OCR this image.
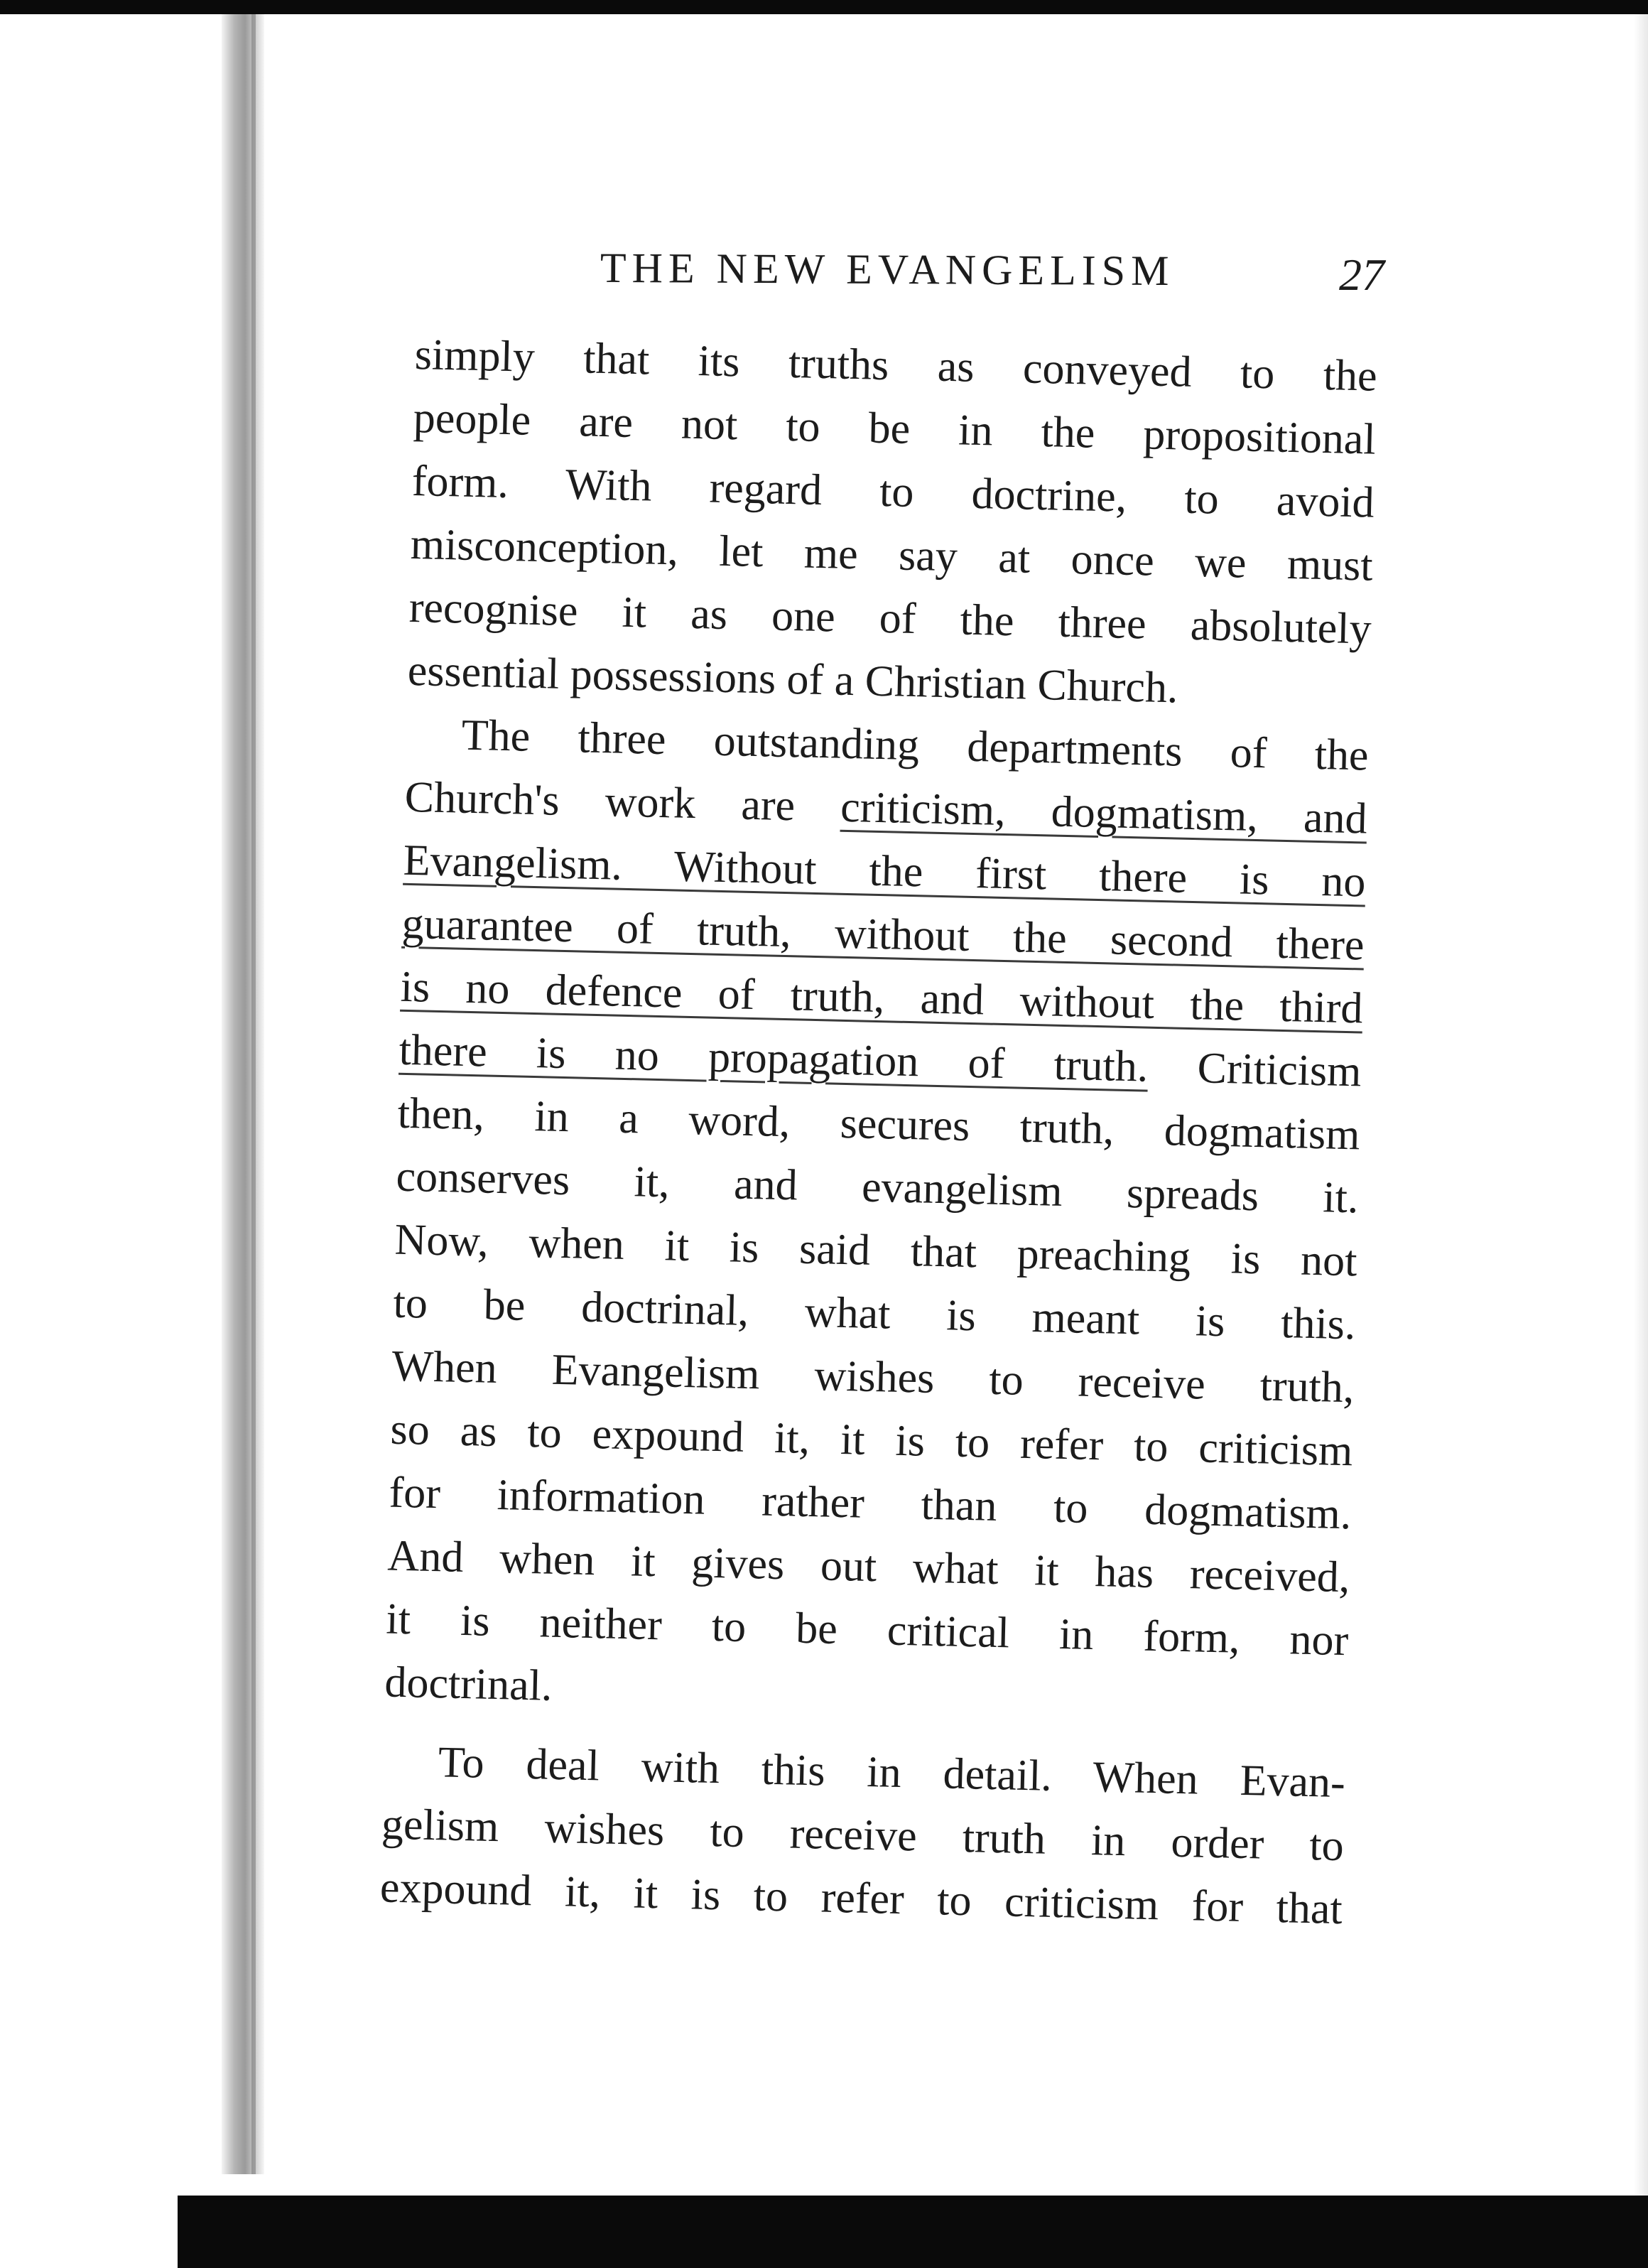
THE NEW EVANGELISM	27
simply that its truths as conveyed to the
people are not to be in the propositional
form. With regard to doctrine, to avoid
misconception, let me say at once we must
recognise it as one of the three absolutely
essential possessions of a Christian Church.
The three outstanding departments of the
Church's work are criticism, dogmatism, and
Evangelism. Without the first there is no
guarantee of truth, without the second there
is no defence of truth, and without the third
there is no propagation of truth. Criticism
then, in a word, secures truth, dogmatism
conserves it, and evangelism spreads it.
Now, when it is said that preaching is not
to be doctrinal, what is meant is this.
When Evangelism wishes to receive truth,
so as to expound it, it is to refer to criticism
for information rather than to dogmatism.
And when it gives out what it has received,
it is neither to be critical in form, nor
doctrinal.
To deal with this in detail. When Evan-
gelism wishes to receive truth in order to
expound it, it is to refer to criticism for that
